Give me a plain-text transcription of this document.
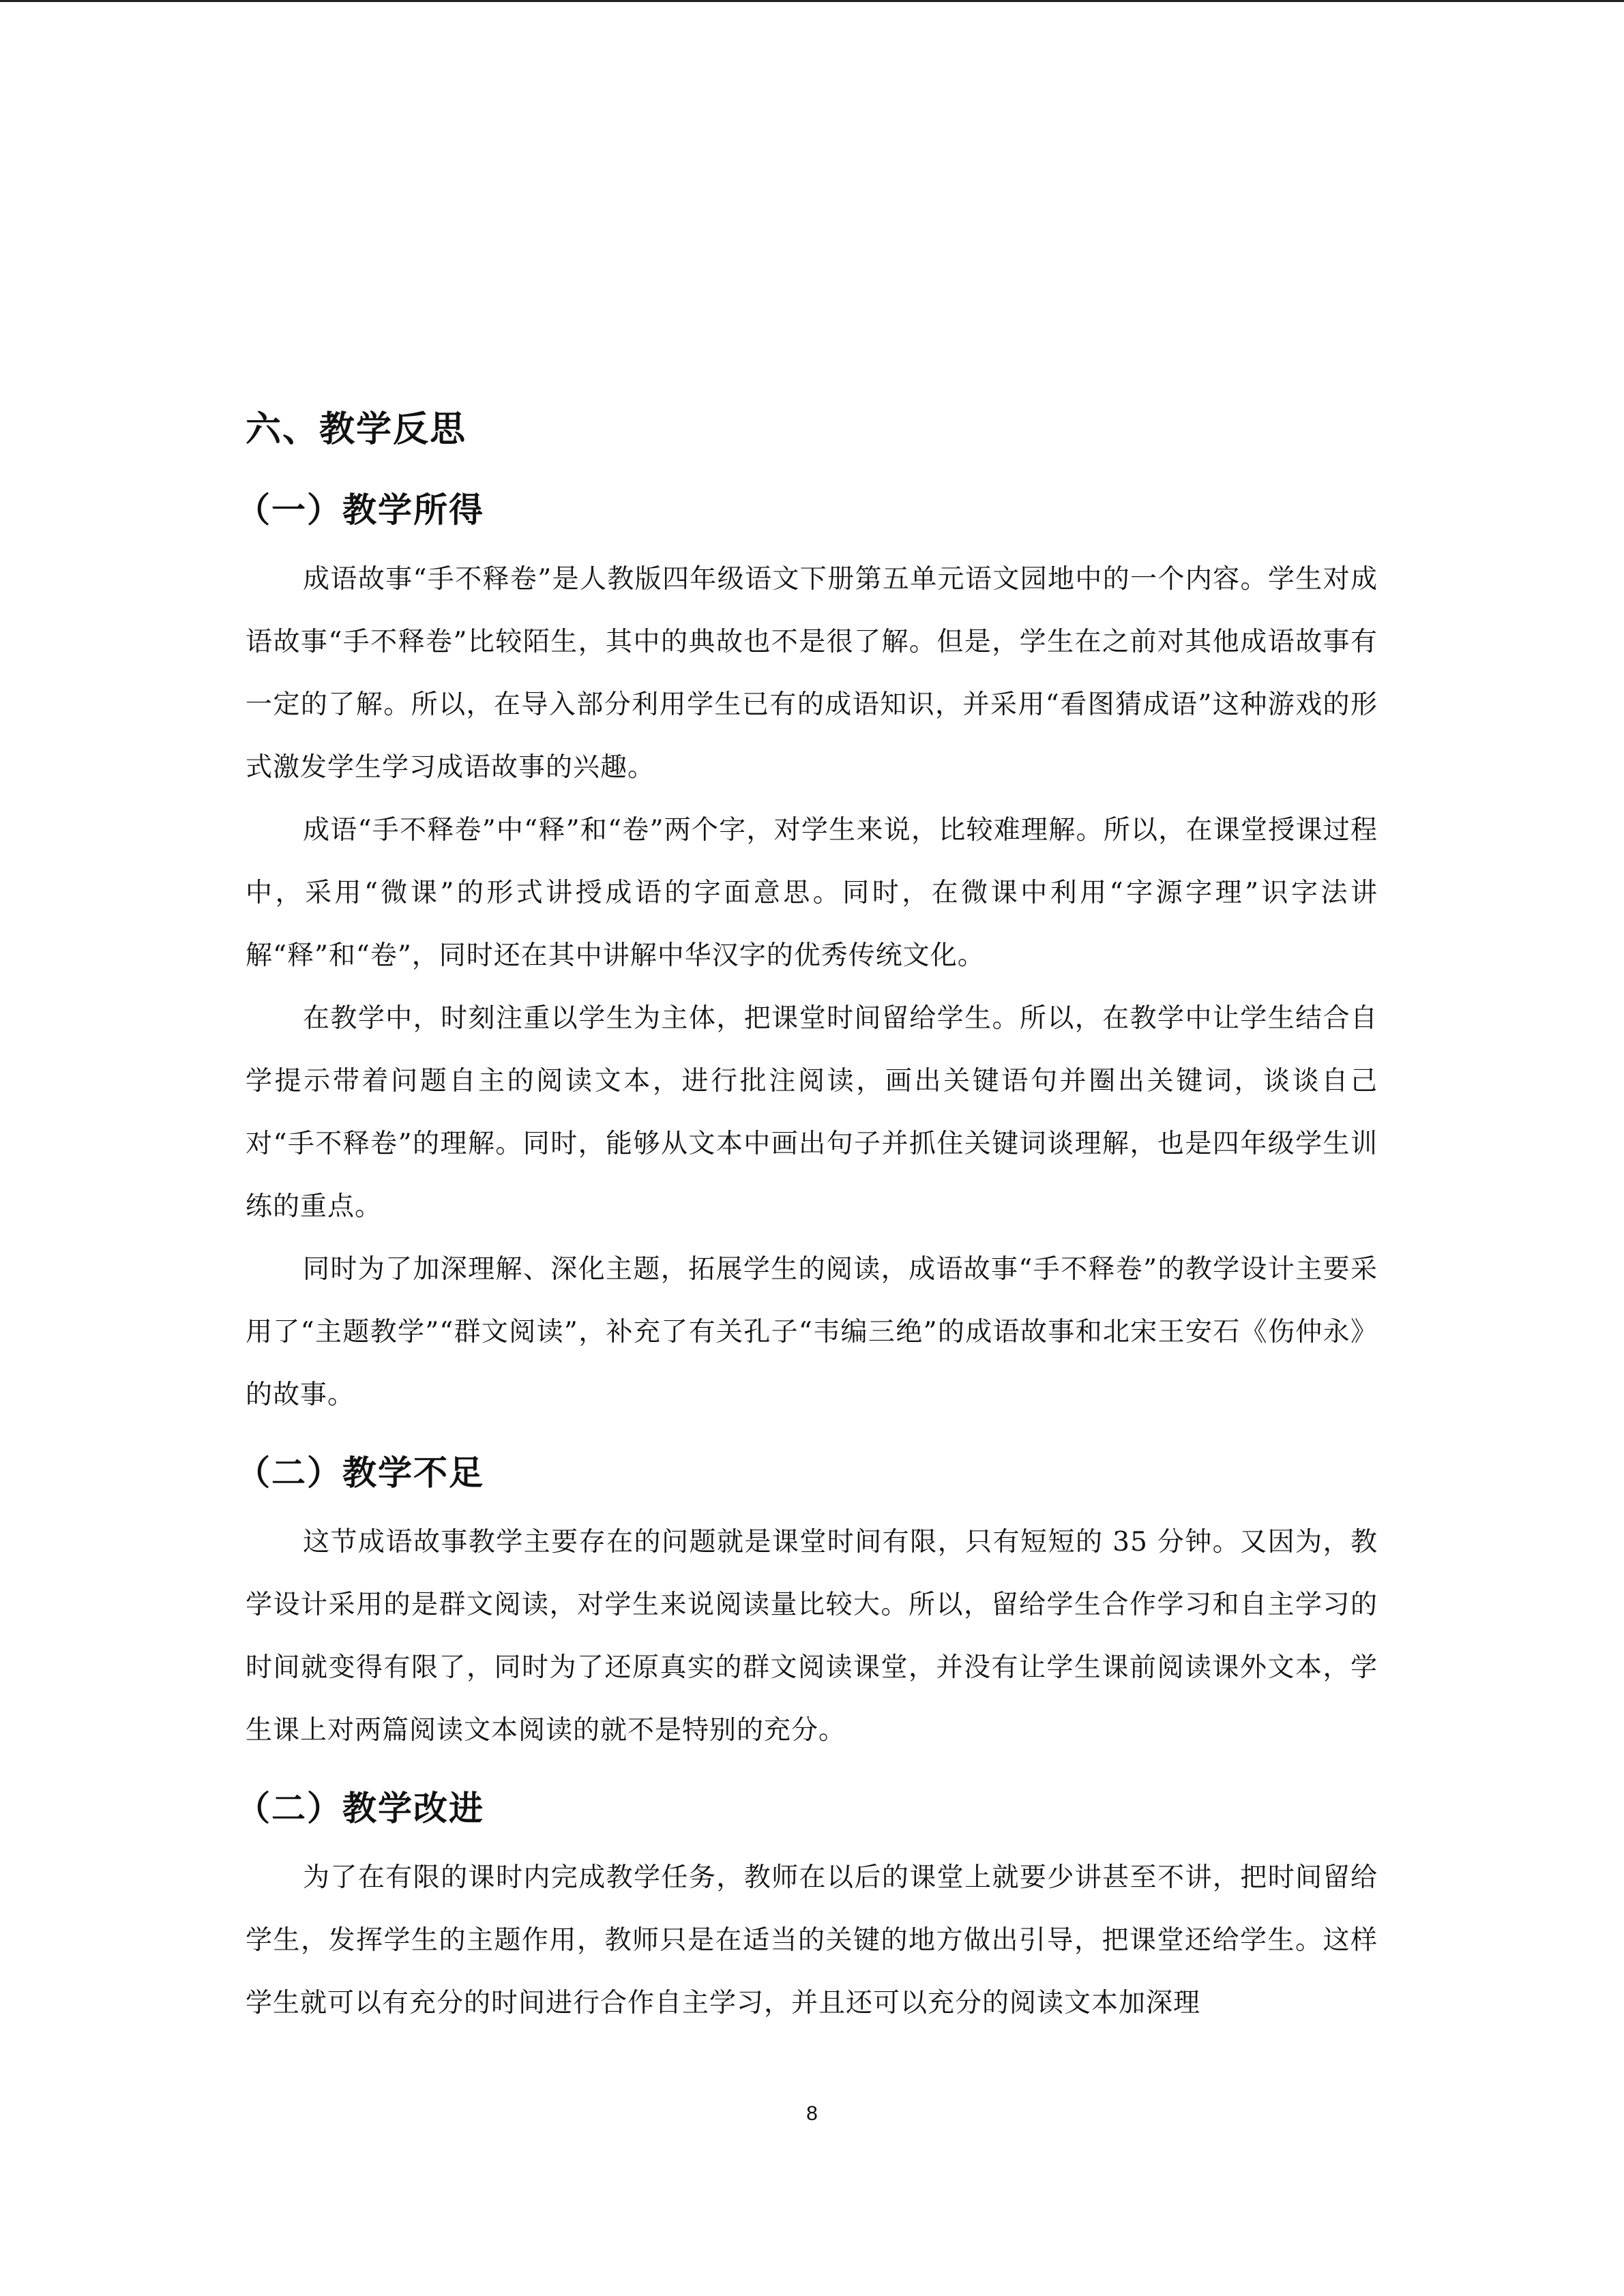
六、教学反思
（一）教学所得

成语故事“手不释卷”是人教版四年级语文下册第五单元语文园地中的一个内容。学生对成语故事“手不释卷”比较陌生，其中的典故也不是很了解。但是，学生在之前对其他成语故事有一定的了解。所以，在导入部分利用学生已有的成语知识，并采用“看图猜成语”这种游戏的形式激发学生学习成语故事的兴趣。

成语“手不释卷”中“释”和“卷”两个字，对学生来说，比较难理解。所以，在课堂授课过程中，采用“微课”的形式讲授成语的字面意思。同时，在微课中利用“字源字理”识字法讲解“释”和“卷”，同时还在其中讲解中华汉字的优秀传统文化。

在教学中，时刻注重以学生为主体，把课堂时间留给学生。所以，在教学中让学生结合自学提示带着问题自主的阅读文本，进行批注阅读，画出关键语句并圈出关键词，谈谈自己对“手不释卷”的理解。同时，能够从文本中画出句子并抓住关键词谈理解，也是四年级学生训练的重点。

同时为了加深理解、深化主题，拓展学生的阅读，成语故事“手不释卷”的教学设计主要采用了“主题教学”“群文阅读”，补充了有关孔子“韦编三绝”的成语故事和北宋王安石《伤仲永》的故事。

（二）教学不足

这节成语故事教学主要存在的问题就是课堂时间有限，只有短短的 35 分钟。又因为，教学设计采用的是群文阅读，对学生来说阅读量比较大。所以，留给学生合作学习和自主学习的时间就变得有限了，同时为了还原真实的群文阅读课堂，并没有让学生课前阅读课外文本，学生课上对两篇阅读文本阅读的就不是特别的充分。

（二）教学改进

为了在有限的课时内完成教学任务，教师在以后的课堂上就要少讲甚至不讲，把时间留给学生，发挥学生的主题作用，教师只是在适当的关键的地方做出引导，把课堂还给学生。这样学生就可以有充分的时间进行合作自主学习，并且还可以充分的阅读文本加深理

8
